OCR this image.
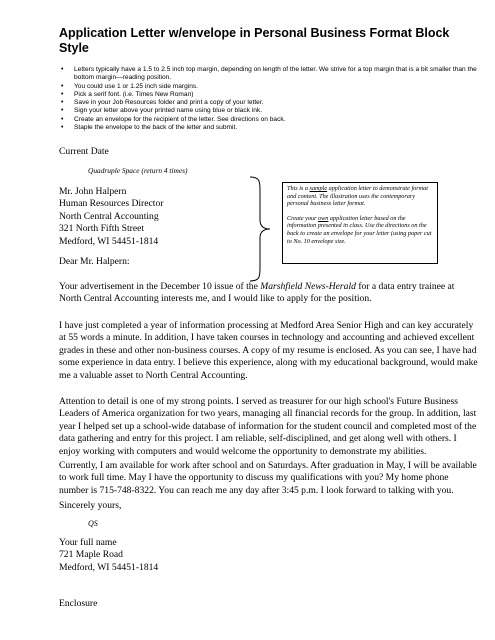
Application Letter w/envelope in Personal Business Format Block Style
• Letters typically have a 1.5 to 2.5 inch top margin, depending on length of the letter. We strive for a top margin that is a bit smaller than the bottom margin—reading position.
• You could use 1 or 1.25 inch side margins.
• Pick a serif font. (i.e. Times New Roman)
• Save in your Job Resources folder and print a copy of your letter.
• Sign your letter above your printed name using blue or black ink.
• Create an envelope for the recipient of the letter. See directions on back.
• Staple the envelope to the back of the letter and submit.
Current Date
Quadruple Space (return 4 times)
Mr. John Halpern
Human Resources Director
North Central Accounting
321 North Fifth Street
Medford, WI 54451-1814
Dear Mr. Halpern:

This is a sample application letter to demonstrate format and content. The illustration uses the contemporary personal business letter format.

Create your own application letter based on the information presented in class. Use the directions on the back to create an envelope for your letter (using paper cut to No. 10 envelope size.

Your advertisement in the December 10 issue of the Marshfield News-Herald for a data entry trainee at North Central Accounting interests me, and I would like to apply for the position.

I have just completed a year of information processing at Medford Area Senior High and can key accurately at 55 words a minute. In addition, I have taken courses in technology and accounting and achieved excellent grades in these and other non-business courses. A copy of my resume is enclosed. As you can see, I have had some experience in data entry. I believe this experience, along with my educational background, would make me a valuable asset to North Central Accounting.

Attention to detail is one of my strong points. I served as treasurer for our high school's Future Business Leaders of America organization for two years, managing all financial records for the group. In addition, last year I helped set up a school-wide database of information for the student council and completed most of the data gathering and entry for this project. I am reliable, self-disciplined, and get along well with others. I enjoy working with computers and would welcome the opportunity to demonstrate my abilities.

Currently, I am available for work after school and on Saturdays. After graduation in May, I will be available to work full time. May I have the opportunity to discuss my qualifications with you? My home phone number is 715-748-8322. You can reach me any day after 3:45 p.m. I look forward to talking with you.

Sincerely yours,
QS
Your full name
721 Maple Road
Medford, WI 54451-1814
Enclosure
